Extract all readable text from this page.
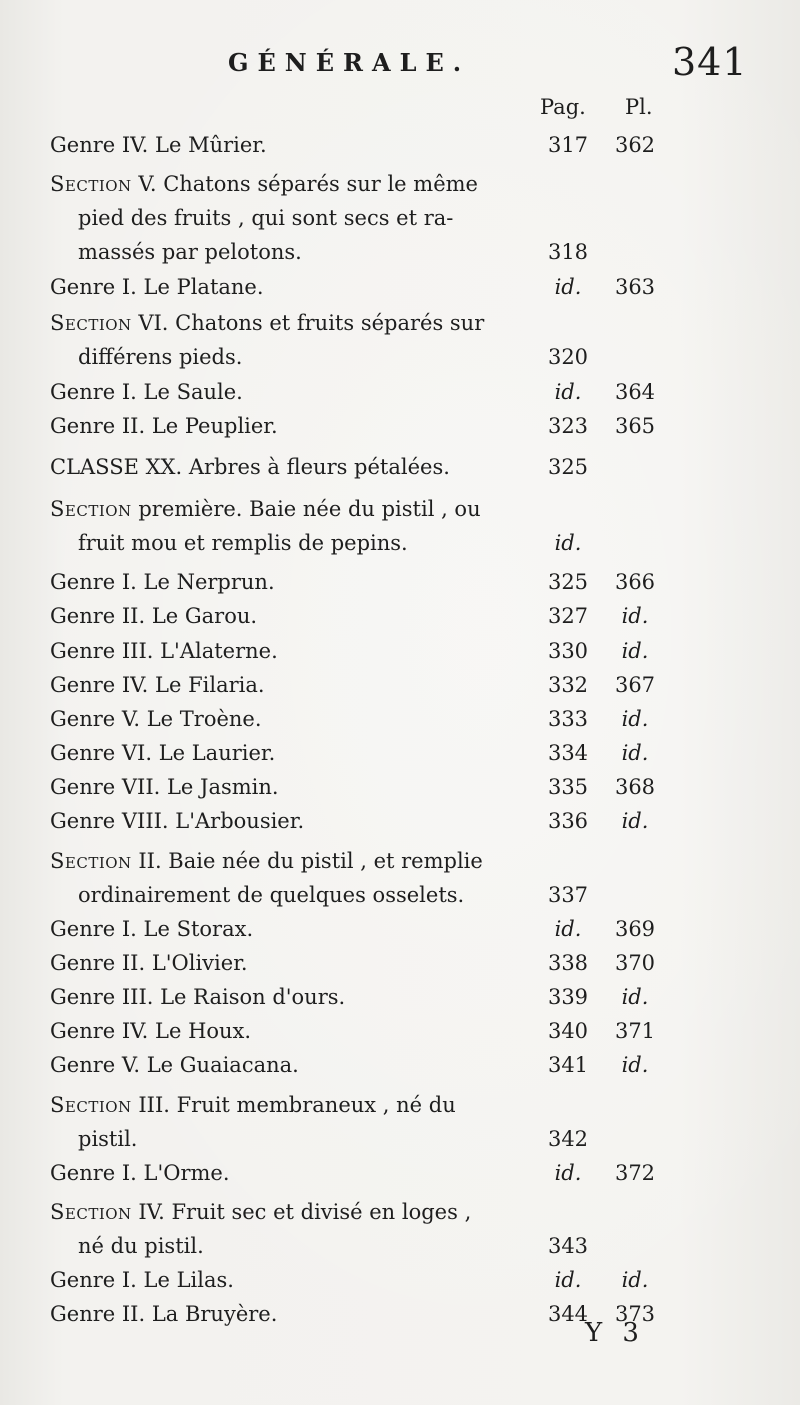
GÉNÉRALE.	341
Pag. Pl.
Genre IV. Le Mûrier.	317	362
Section V. Chatons séparés sur le même
pied des fruits , qui sont secs et ra-
massés par pelotons.	318
Genre I. Le Platane.	id.	363
Section VI. Chatons et fruits séparés sur
différens pieds.	320
Genre I. Le Saule.	id.	364
Genre II. Le Peuplier.	323	365
CLASSE XX. Arbres à fleurs pétalées.	325
Section première. Baie née du pistil , ou
fruit mou et remplis de pepins.	id.
Genre I. Le Nerprun.	325	366
Genre II. Le Garou.	327	id.
Genre III. L'Alaterne.	330	id.
Genre IV. Le Filaria.	332	367
Genre V. Le Troène.	333	id.
Genre VI. Le Laurier.	334	id.
Genre VII. Le Jasmin.	335	368
Genre VIII. L'Arbousier.	336	id.
Section II. Baie née du pistil , et remplie
ordinairement de quelques osselets.	337
Genre I. Le Storax.	id.	369
Genre II. L'Olivier.	338	370
Genre III. Le Raison d'ours.	339	id.
Genre IV. Le Houx.	340	371
Genre V. Le Guaiacana.	341	id.
Section III. Fruit membraneux , né du
pistil.	342
Genre I. L'Orme.	id.	372
Section IV. Fruit sec et divisé en loges ,
né du pistil.	343
Genre I. Le Lilas.	id.	id.
Genre II. La Bruyère.	344	373
Y 3
